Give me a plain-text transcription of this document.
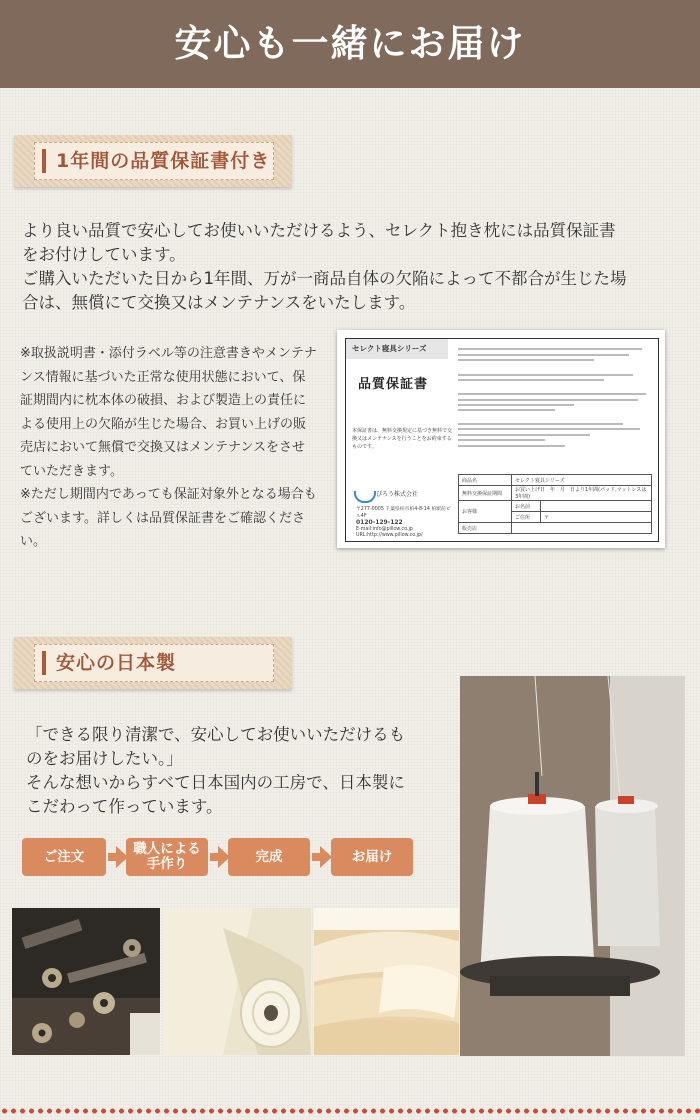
安心も一緒にお届け
1年間の品質保証書付き

より良い品質で安心してお使いいただけるよう、セレクト抱き枕には品質保証書

をお付けしています。

ご購入いただいた日から1年間、万が一商品自体の欠陥によって不都合が生じた場

合は、無償にて交換又はメンテナンスをいたします。

※取扱説明書・添付ラベル等の注意書きやメンテナ
ンス情報に基づいた正常な使用状態において、保
証期間内に枕本体の破損、および製造上の責任に
よる使用上の欠陥が生じた場合、お買い上げの販
売店において無償で交換又はメンテナンスをさせ
ていただきます。
※ただし期間内であっても保証対象外となる場合も
ございます。詳しくは品質保証書をご確認くださ
い。
セレクト寝具シリーズ
品質保証書
本保証書は、無料交換規定に基づき無料で交換又はメンテナンスを行うことをお約束するものです。
ぴろう株式会社
〒277-0005 千葉県柏市柏4-8-14 柏駅前ビル4F
0120-129-122
E-mail:info@pillow.co.jp
URL:http://www.pillow.co.jp/
商品名	セレクト寝具シリーズ	
無料交換保証期間	お買い上げ日　年　月　日より1年間(パッド,マットレスは3年間)	
お客様	お名前	
	ご住所	〒
販売店		
安心の日本製

「できる限り清潔で、安心してお使いいただけるも

のをお届けしたい。」

そんな想いからすべて日本国内の工房で、日本製に

こだわって作っています。

ご注文	職人による
手作り	完成	お届け
